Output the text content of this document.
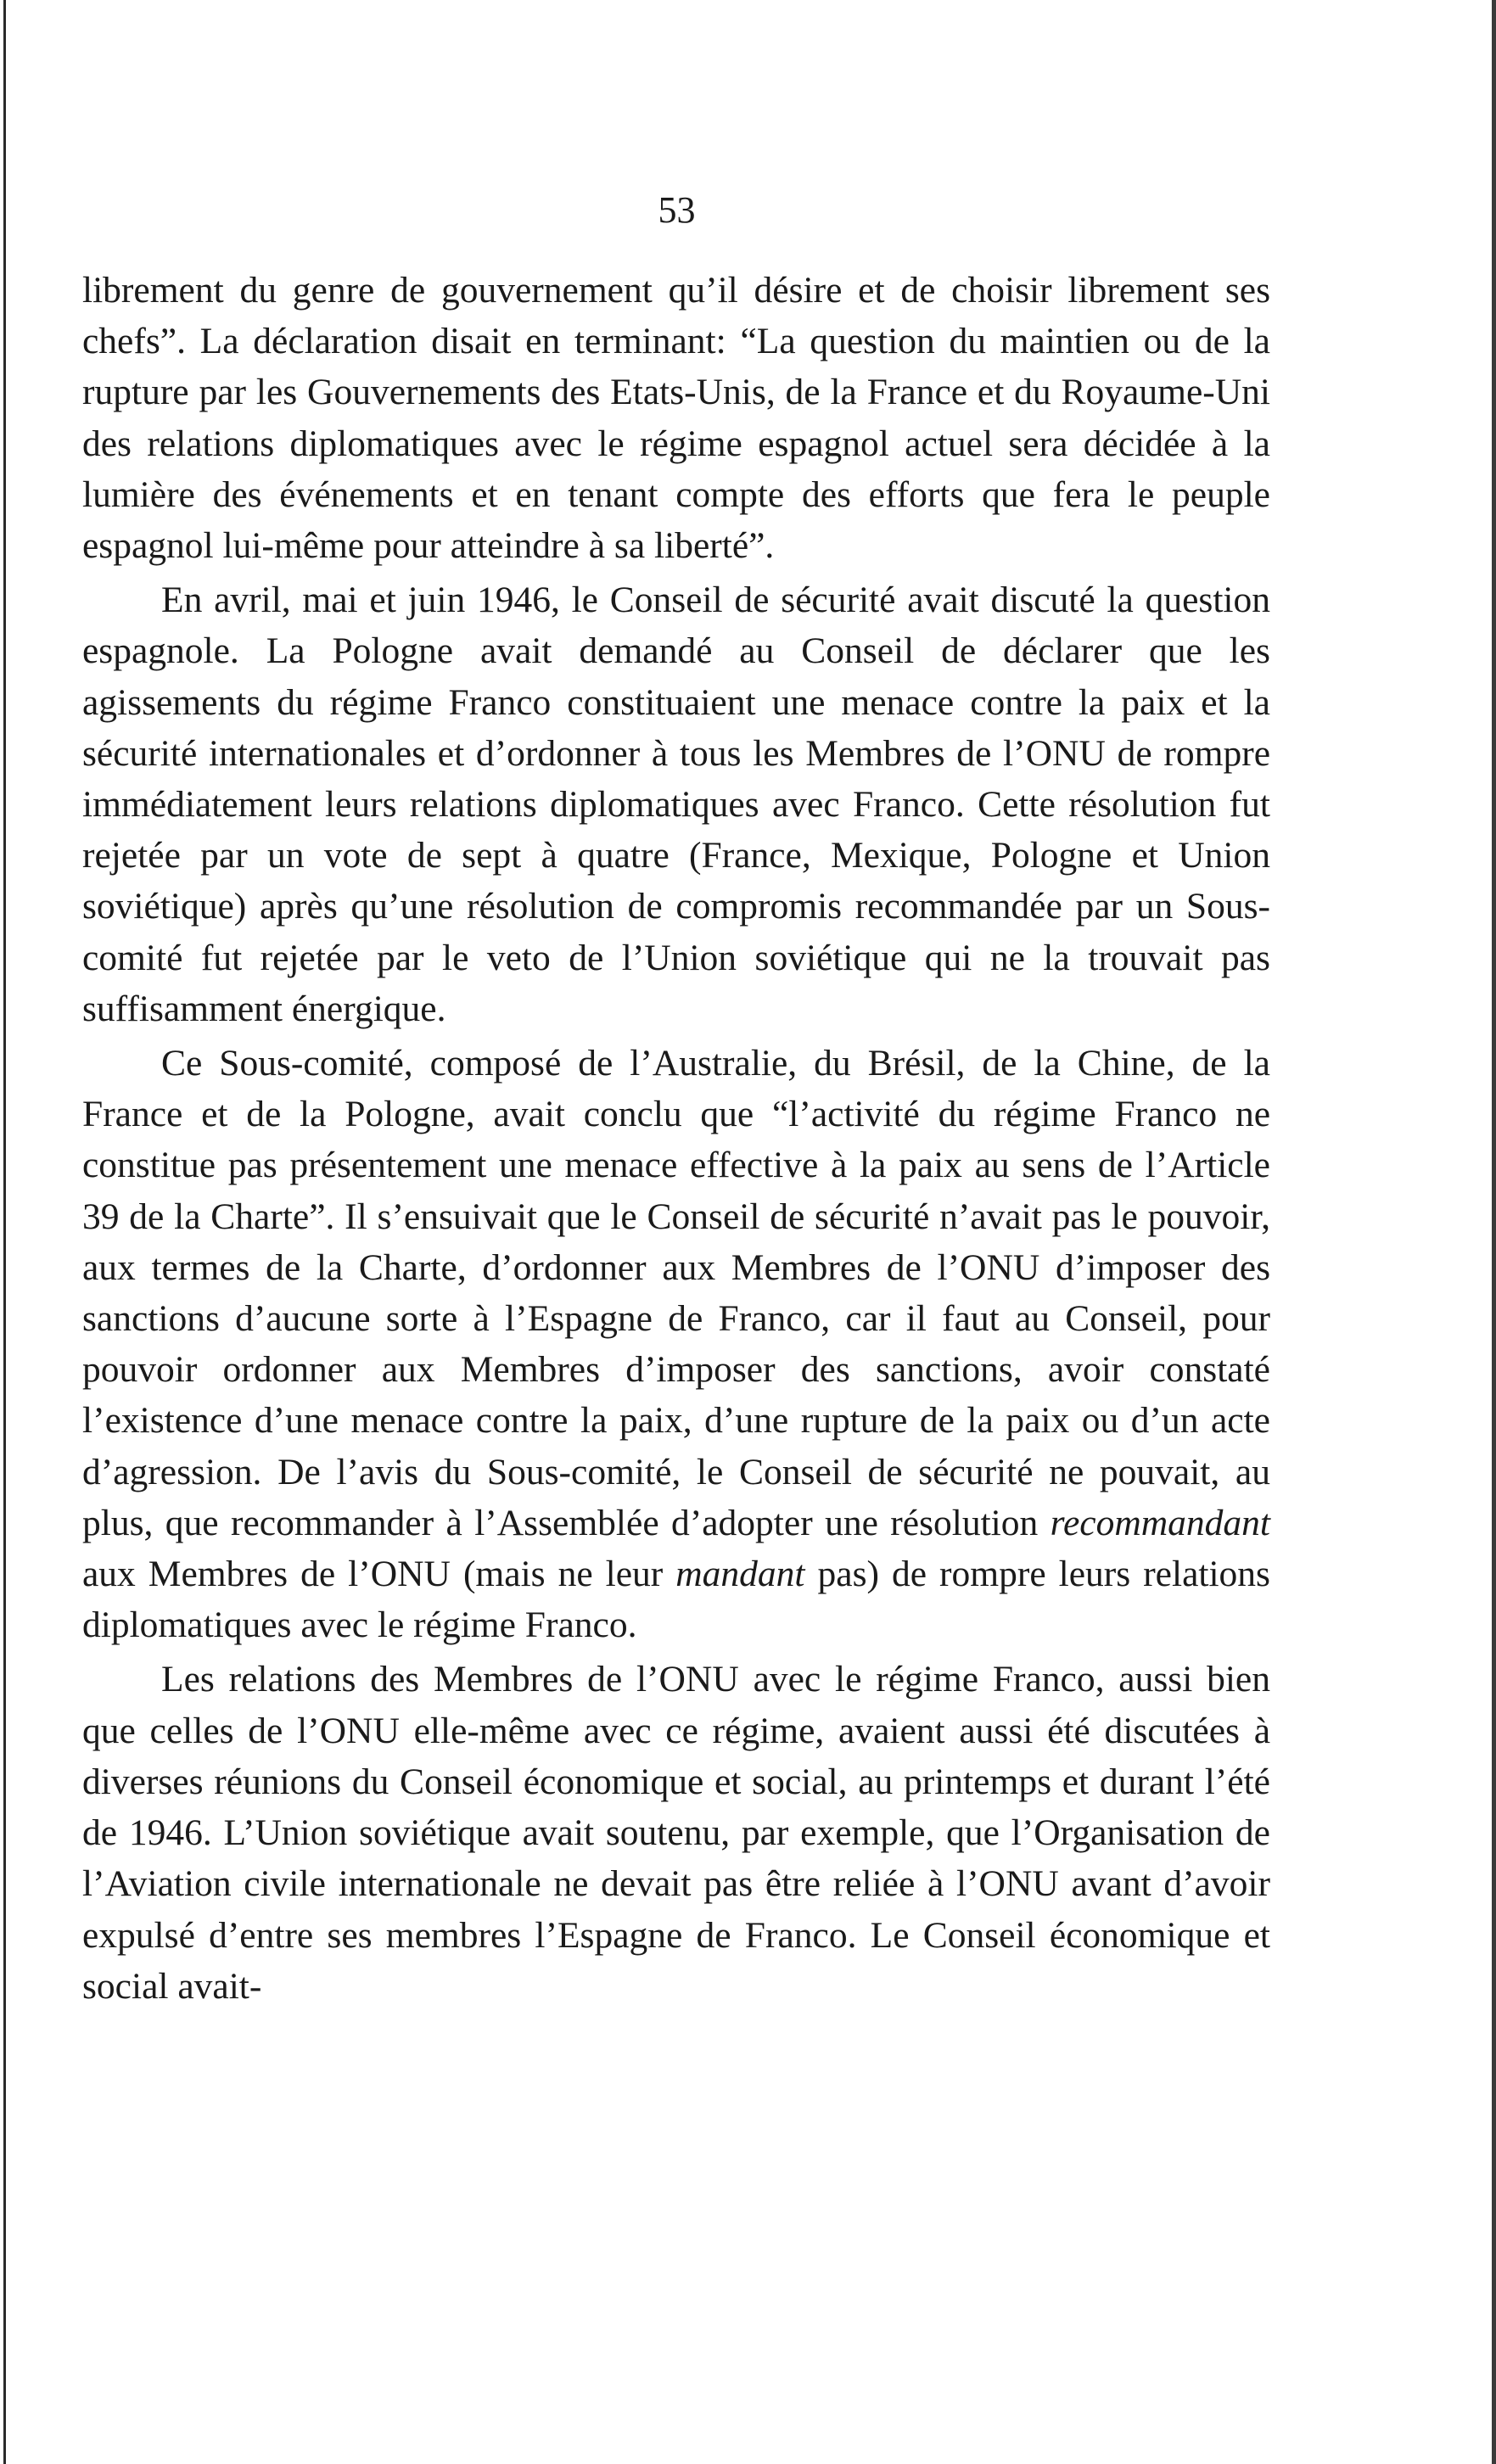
53

librement du genre de gouvernement qu’il désire et de choisir librement ses chefs”. La déclaration disait en terminant: “La question du maintien ou de la rupture par les Gouvernements des Etats-Unis, de la France et du Royaume-Uni des relations diplomatiques avec le régime espagnol actuel sera décidée à la lumière des événements et en tenant compte des efforts que fera le peuple espagnol lui-même pour atteindre à sa liberté”.

En avril, mai et juin 1946, le Conseil de sécurité avait discuté la question espagnole. La Pologne avait demandé au Conseil de déclarer que les agissements du régime Franco constituaient une menace contre la paix et la sécurité internationales et d’ordonner à tous les Membres de l’ONU de rompre immédiatement leurs relations diplomatiques avec Franco. Cette résolution fut rejetée par un vote de sept à quatre (France, Mexique, Pologne et Union soviétique) après qu’une résolution de compromis recommandée par un Sous-comité fut rejetée par le veto de l’Union soviétique qui ne la trouvait pas suffisamment énergique.

Ce Sous-comité, composé de l’Australie, du Brésil, de la Chine, de la France et de la Pologne, avait conclu que “l’activité du régime Franco ne constitue pas présentement une menace effective à la paix au sens de l’Article 39 de la Charte”. Il s’ensuivait que le Conseil de sécurité n’avait pas le pouvoir, aux termes de la Charte, d’ordonner aux Membres de l’ONU d’imposer des sanctions d’aucune sorte à l’Espagne de Franco, car il faut au Conseil, pour pouvoir ordonner aux Membres d’imposer des sanctions, avoir constaté l’existence d’une menace contre la paix, d’une rupture de la paix ou d’un acte d’agression. De l’avis du Sous-comité, le Conseil de sécurité ne pouvait, au plus, que recommander à l’Assemblée d’adopter une résolution recommandant aux Membres de l’ONU (mais ne leur mandant pas) de rompre leurs relations diplomatiques avec le régime Franco.

Les relations des Membres de l’ONU avec le régime Franco, aussi bien que celles de l’ONU elle-même avec ce régime, avaient aussi été discutées à diverses réunions du Conseil économique et social, au printemps et durant l’été de 1946. L’Union soviétique avait soutenu, par exemple, que l’Organisation de l’Aviation civile internationale ne devait pas être reliée à l’ONU avant d’avoir expulsé d’entre ses membres l’Espagne de Franco. Le Conseil économique et social avait-
